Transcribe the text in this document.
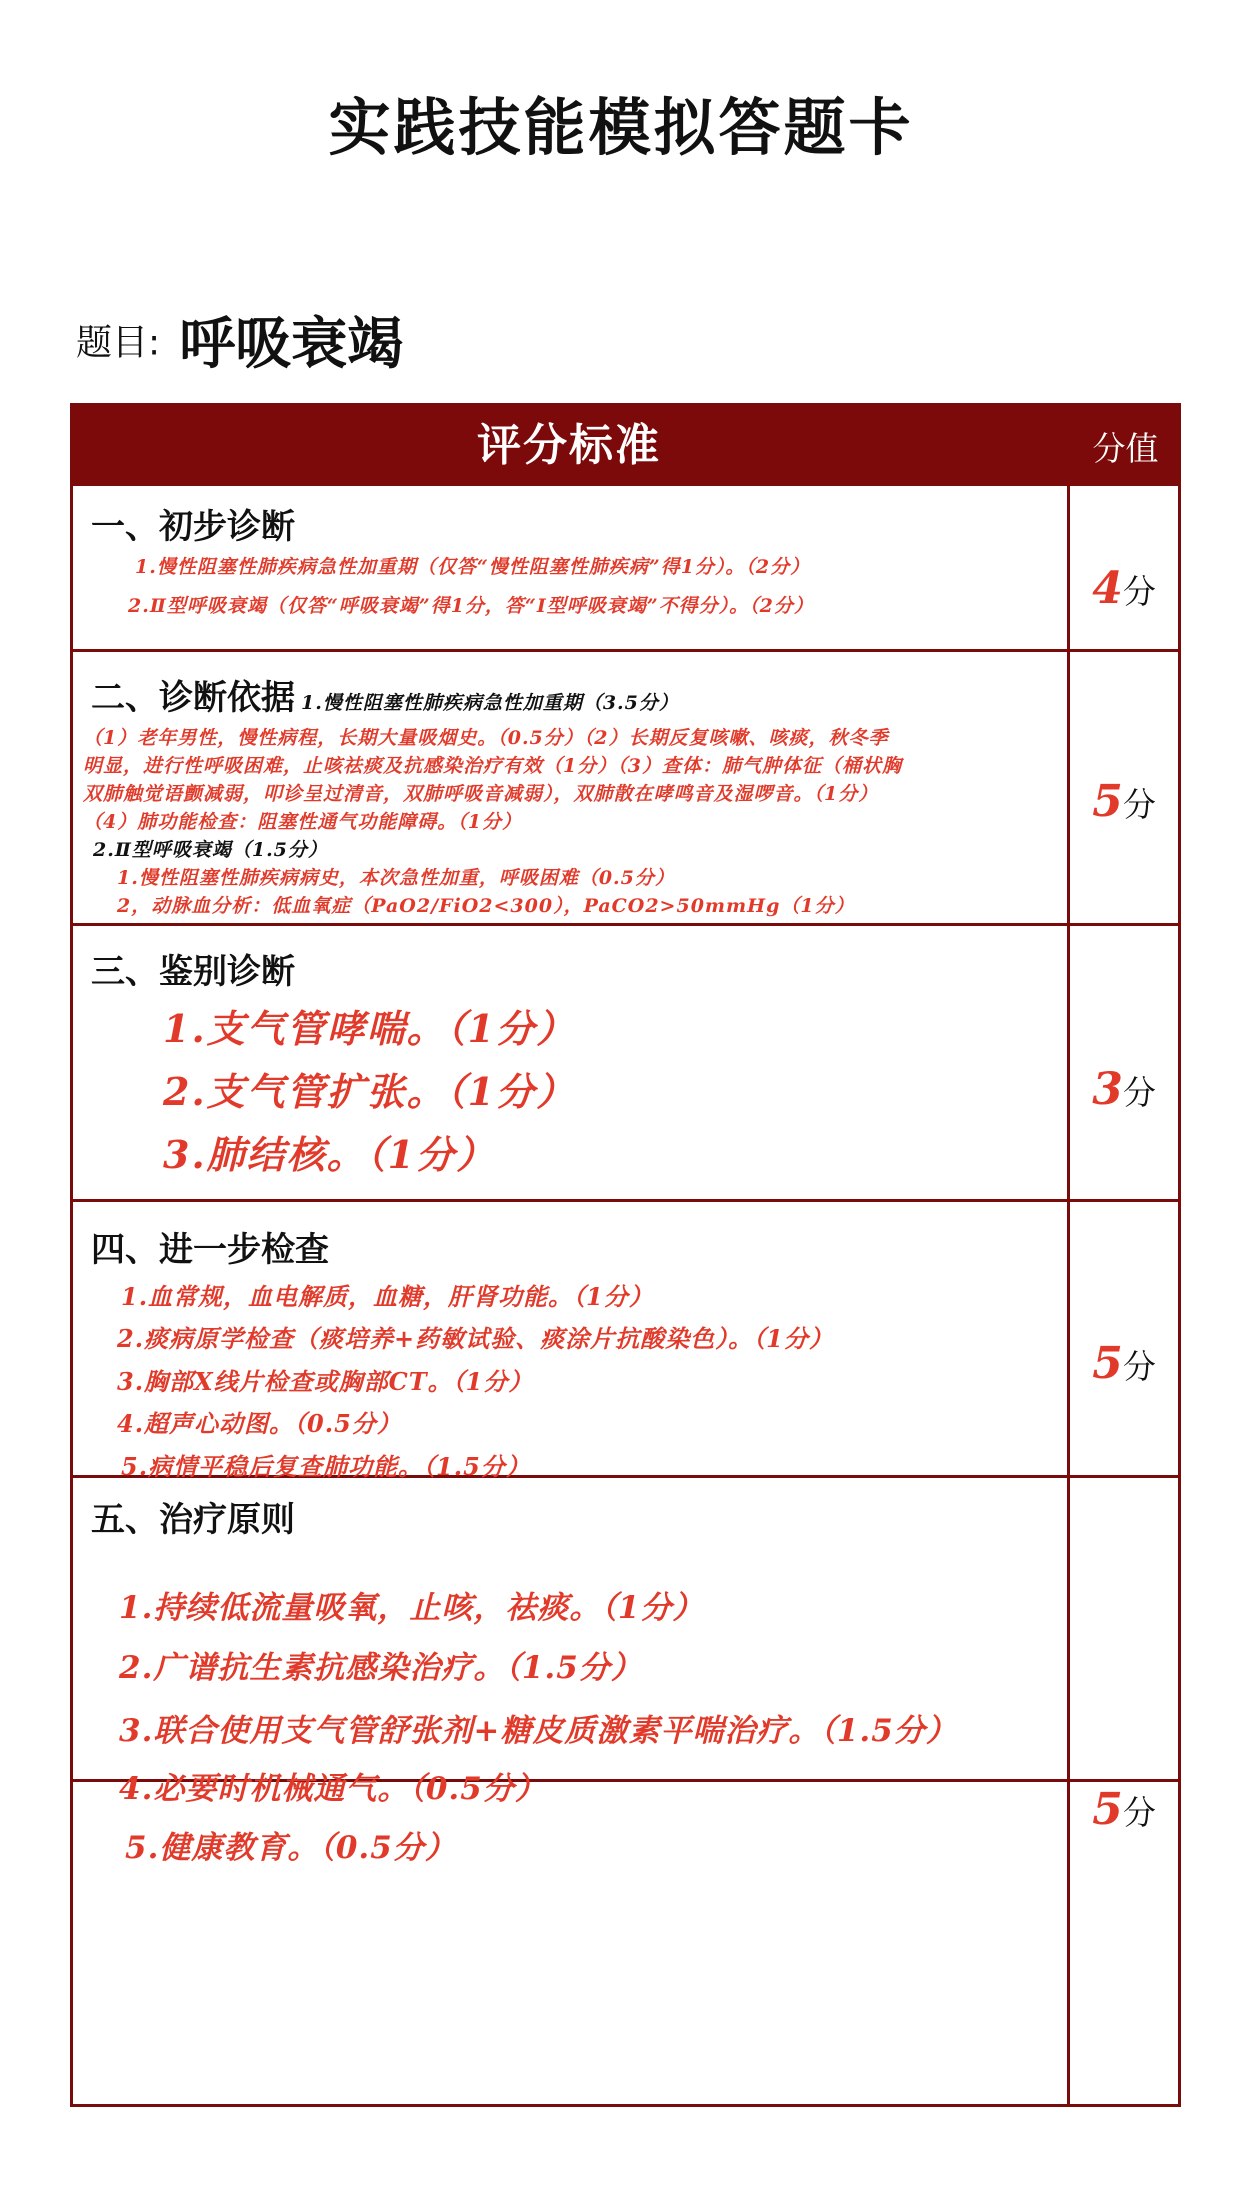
实践技能模拟答题卡
题目: 呼吸衰竭
评分标准	分值
一、初步诊断
1.慢性阻塞性肺疾病急性加重期（仅答“慢性阻塞性肺疾病”得1分）。（2分）
2.Ⅱ型呼吸衰竭（仅答“呼吸衰竭”得1分，答“Ⅰ型呼吸衰竭”不得分）。（2分）	4分
二、诊断依据 1.慢性阻塞性肺疾病急性加重期（3.5分）
（1）老年男性，慢性病程，长期大量吸烟史。（0.5分）（2）长期反复咳嗽、咳痰，秋冬季
明显，进行性呼吸困难，止咳祛痰及抗感染治疗有效（1分）（3）查体：肺气肿体征（桶状胸
双肺触觉语颤减弱，叩诊呈过清音，双肺呼吸音减弱），双肺散在哮鸣音及湿啰音。（1分）
（4）肺功能检查：阻塞性通气功能障碍。（1分）
2.Ⅱ型呼吸衰竭（1.5分）
1.慢性阻塞性肺疾病病史，本次急性加重，呼吸困难（0.5分）
2，动脉血分析：低血氧症（PaO2/FiO2<300），PaCO2>50mmHg（1分）
5分
三、鉴别诊断
1.支气管哮喘。（1分）
2.支气管扩张。（1分）
3.肺结核。（1分）
3分
四、进一步检查
1.血常规，血电解质，血糖，肝肾功能。（1分）
2.痰病原学检查（痰培养+药敏试验、痰涂片抗酸染色）。（1分）
3.胸部X线片检查或胸部CT。（1分）
4.超声心动图。（0.5分）
5.病情平稳后复查肺功能。（1.5分）
5分
五、治疗原则
1.持续低流量吸氧，止咳，祛痰。（1分）
2.广谱抗生素抗感染治疗。（1.5分）
3.联合使用支气管舒张剂+糖皮质激素平喘治疗。（1.5分）
4.必要时机械通气。（0.5分）
5.健康教育。（0.5分）
5分
